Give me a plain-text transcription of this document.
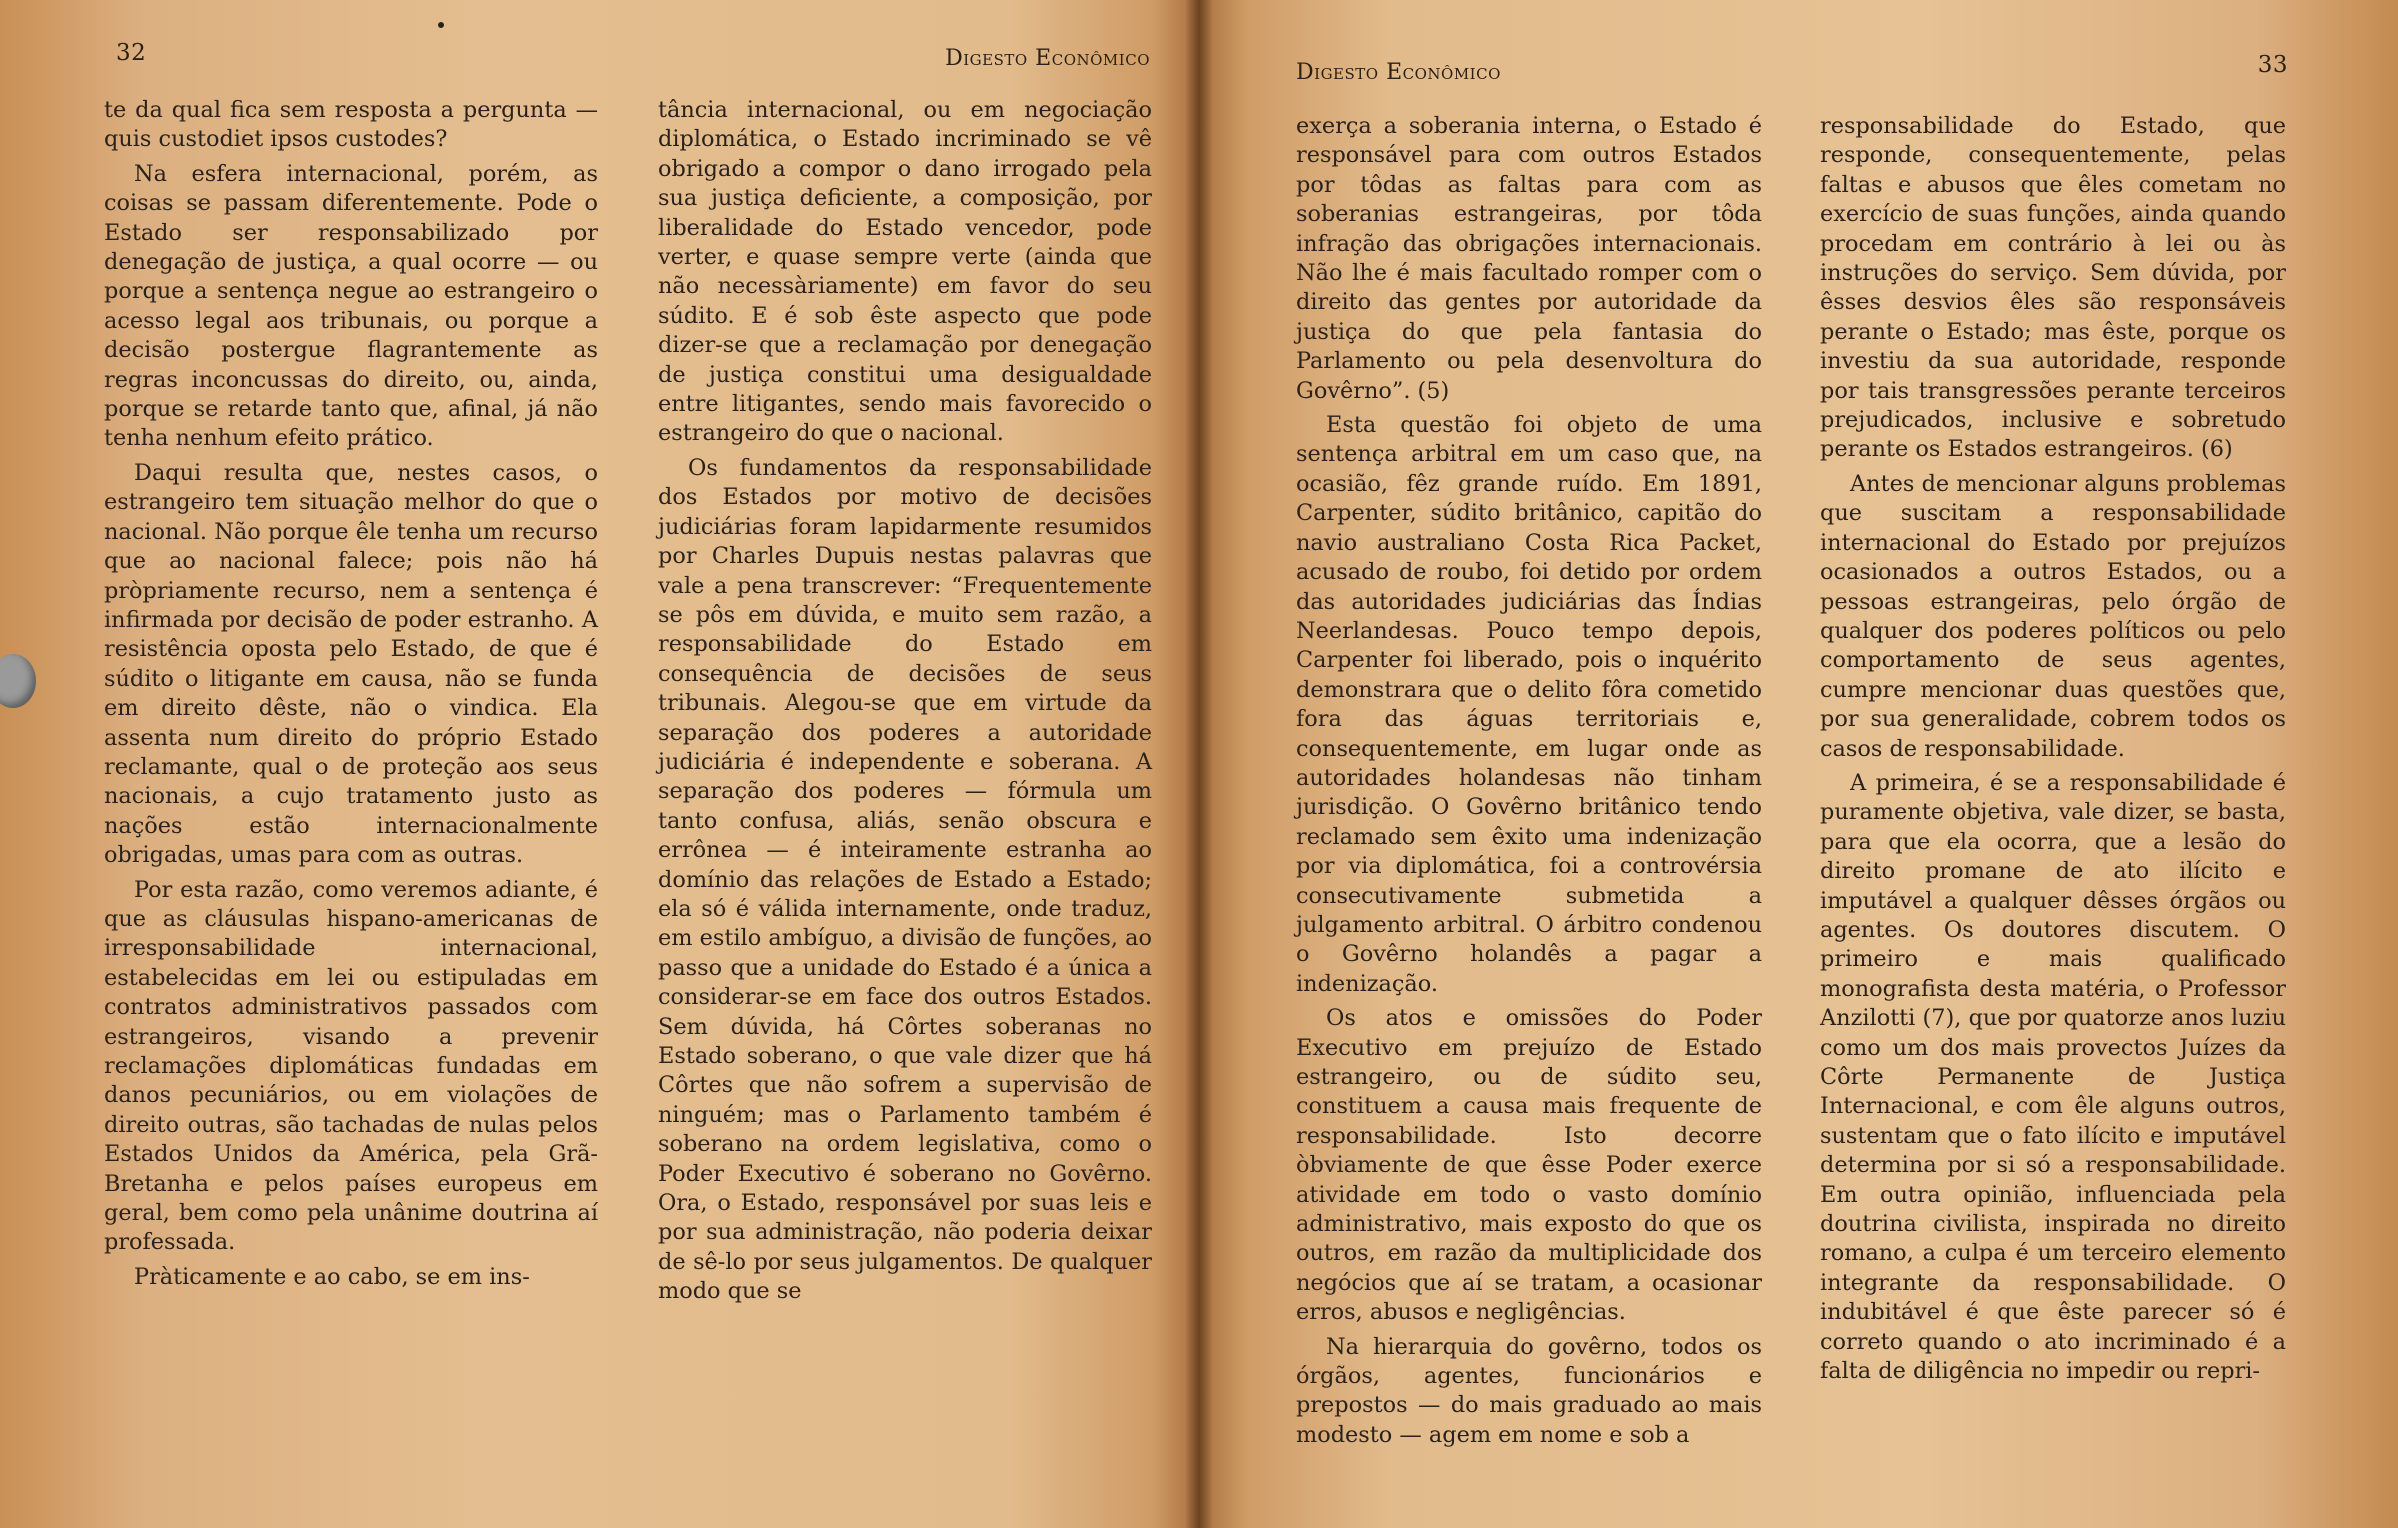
32	Digesto Econômico

te da qual fica sem resposta a pergunta — quis custodiet ipsos custodes?

Na esfera internacional, porém, as coisas se passam diferentemente. Pode o Estado ser responsabilizado por denegação de justiça, a qual ocorre — ou porque a sentença negue ao estrangeiro o acesso legal aos tribunais, ou porque a decisão postergue flagrantemente as regras inconcussas do direito, ou, ainda, porque se retarde tanto que, afinal, já não tenha nenhum efeito prático.

Daqui resulta que, nestes casos, o estrangeiro tem situação melhor do que o nacional. Não porque êle tenha um recurso que ao nacional falece; pois não há pròpriamente recurso, nem a sentença é infirmada por decisão de poder estranho. A resistência oposta pelo Estado, de que é súdito o litigante em causa, não se funda em direito dêste, não o vindica. Ela assenta num direito do próprio Estado reclamante, qual o de proteção aos seus nacionais, a cujo tratamento justo as nações estão internacionalmente obrigadas, umas para com as outras.

Por esta razão, como veremos adiante, é que as cláusulas hispano-americanas de irresponsabilidade internacional, estabelecidas em lei ou estipuladas em contratos administrativos passados com estrangeiros, visando a prevenir reclamações diplomáticas fundadas em danos pecuniários, ou em violações de direito outras, são tachadas de nulas pelos Estados Unidos da América, pela Grã-Bretanha e pelos países europeus em geral, bem como pela unânime doutrina aí professada.

Pràticamente e ao cabo, se em ins-

tância internacional, ou em negociação diplomática, o Estado incriminado se vê obrigado a compor o dano irrogado pela sua justiça deficiente, a composição, por liberalidade do Estado vencedor, pode verter, e quase sempre verte (ainda que não necessàriamente) em favor do seu súdito. E é sob êste aspecto que pode dizer-se que a reclamação por denegação de justiça constitui uma desigualdade entre litigantes, sendo mais favorecido o estrangeiro do que o nacional.

Os fundamentos da responsabilidade dos Estados por motivo de decisões judiciárias foram lapidarmente resumidos por Charles Dupuis nestas palavras que vale a pena transcrever: “Frequentemente se pôs em dúvida, e muito sem razão, a responsabilidade do Estado em consequência de decisões de seus tribunais. Alegou-se que em virtude da separação dos poderes a autoridade judiciária é independente e soberana. A separação dos poderes — fórmula um tanto confusa, aliás, senão obscura e errônea — é inteiramente estranha ao domínio das relações de Estado a Estado; ela só é válida internamente, onde traduz, em estilo ambíguo, a divisão de funções, ao passo que a unidade do Estado é a única a considerar-se em face dos outros Estados. Sem dúvida, há Côrtes soberanas no Estado soberano, o que vale dizer que há Côrtes que não sofrem a supervisão de ninguém; mas o Parlamento também é soberano na ordem legislativa, como o Poder Executivo é soberano no Govêrno. Ora, o Estado, responsável por suas leis e por sua administração, não poderia deixar de sê-lo por seus julgamentos. De qualquer modo que se

Digesto Econômico	33

exerça a soberania interna, o Estado é responsável para com outros Estados por tôdas as faltas para com as soberanias estrangeiras, por tôda infração das obrigações internacionais. Não lhe é mais facultado romper com o direito das gentes por autoridade da justiça do que pela fantasia do Parlamento ou pela desenvoltura do Govêrno”. (5)

Esta questão foi objeto de uma sentença arbitral em um caso que, na ocasião, fêz grande ruído. Em 1891, Carpenter, súdito britânico, capitão do navio australiano Costa Rica Packet, acusado de roubo, foi detido por ordem das autoridades judiciárias das Índias Neerlandesas. Pouco tempo depois, Carpenter foi liberado, pois o inquérito demonstrara que o delito fôra cometido fora das águas territoriais e, consequentemente, em lugar onde as autoridades holandesas não tinham jurisdição. O Govêrno britânico tendo reclamado sem êxito uma indenização por via diplomática, foi a controvérsia consecutivamente submetida a julgamento arbitral. O árbitro condenou o Govêrno holandês a pagar a indenização.

Os atos e omissões do Poder Executivo em prejuízo de Estado estrangeiro, ou de súdito seu, constituem a causa mais frequente de responsabilidade. Isto decorre òbviamente de que êsse Poder exerce atividade em todo o vasto domínio administrativo, mais exposto do que os outros, em razão da multiplicidade dos negócios que aí se tratam, a ocasionar erros, abusos e negligências.

Na hierarquia do govêrno, todos os órgãos, agentes, funcionários e prepostos — do mais graduado ao mais modesto — agem em nome e sob a

responsabilidade do Estado, que responde, consequentemente, pelas faltas e abusos que êles cometam no exercício de suas funções, ainda quando procedam em contrário à lei ou às instruções do serviço. Sem dúvida, por êsses desvios êles são responsáveis perante o Estado; mas êste, porque os investiu da sua autoridade, responde por tais transgressões perante terceiros prejudicados, inclusive e sobretudo perante os Estados estrangeiros. (6)

Antes de mencionar alguns problemas que suscitam a responsabilidade internacional do Estado por prejuízos ocasionados a outros Estados, ou a pessoas estrangeiras, pelo órgão de qualquer dos poderes políticos ou pelo comportamento de seus agentes, cumpre mencionar duas questões que, por sua generalidade, cobrem todos os casos de responsabilidade.

A primeira, é se a responsabilidade é puramente objetiva, vale dizer, se basta, para que ela ocorra, que a lesão do direito promane de ato ilícito e imputável a qualquer dêsses órgãos ou agentes. Os doutores discutem. O primeiro e mais qualificado monografista desta matéria, o Professor Anzilotti (7), que por quatorze anos luziu como um dos mais provectos Juízes da Côrte Permanente de Justiça Internacional, e com êle alguns outros, sustentam que o fato ilícito e imputável determina por si só a responsabilidade. Em outra opinião, influenciada pela doutrina civilista, inspirada no direito romano, a culpa é um terceiro elemento integrante da responsabilidade. O indubitável é que êste parecer só é correto quando o ato incriminado é a falta de diligência no impedir ou repri-
